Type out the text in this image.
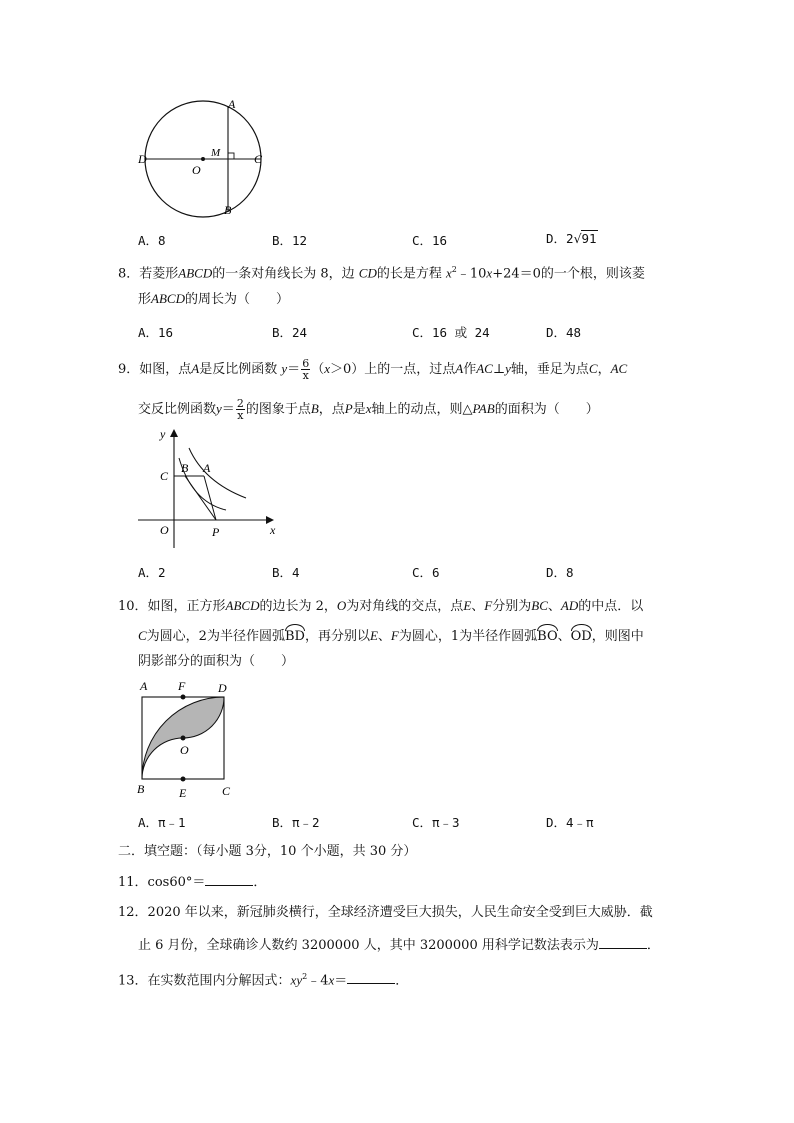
A
B
C
D
O
M
A．8	B．12	C．16	D．2√91
8．若菱形ABCD的一条对角线长为 8，边 CD的长是方程 $x^2﹣10x+24=0$的一个根，则该菱
形ABCD的周长为（　　）
A．16	B．24	C．16 或 24	D．48
9．如图，点A是反比例函数 $y= \frac{6}{x} (x>0)$上的一点，过点A作AC⊥y轴，垂足为点C，AC
交反比例函数$y= \frac{2}{x}$ 的图象于点B，点P是x轴上的动点，则△PAB的面积为（　　）
y
x
O
C
B A
P
A．2	B．4	C．6	D．8
10．如图，正方形ABCD的边长为 2，O为对角线的交点，点E、F分别为BC、AD的中点．以
C为圆心，2为半径作圆弧BD，再分别以E、F为圆心，1为半径作圆弧BO、OD，则图中
阴影部分的面积为（　　）
A	F	D
O
B	E	C
A．π﹣1	B．π﹣2	C．π﹣3	D．4﹣π
二．填空题：（每小题 3分，10 个小题，共 30 分）
11．cos60°＝	．
12．2020 年以来，新冠肺炎横行，全球经济遭受巨大损失，人民生命安全受到巨大威胁．截
止 6 月份，全球确诊人数约 3200000 人，其中 3200000 用科学记数法表示为	．
13．在实数范围内分解因式：$xy^2﹣4x=$	．
